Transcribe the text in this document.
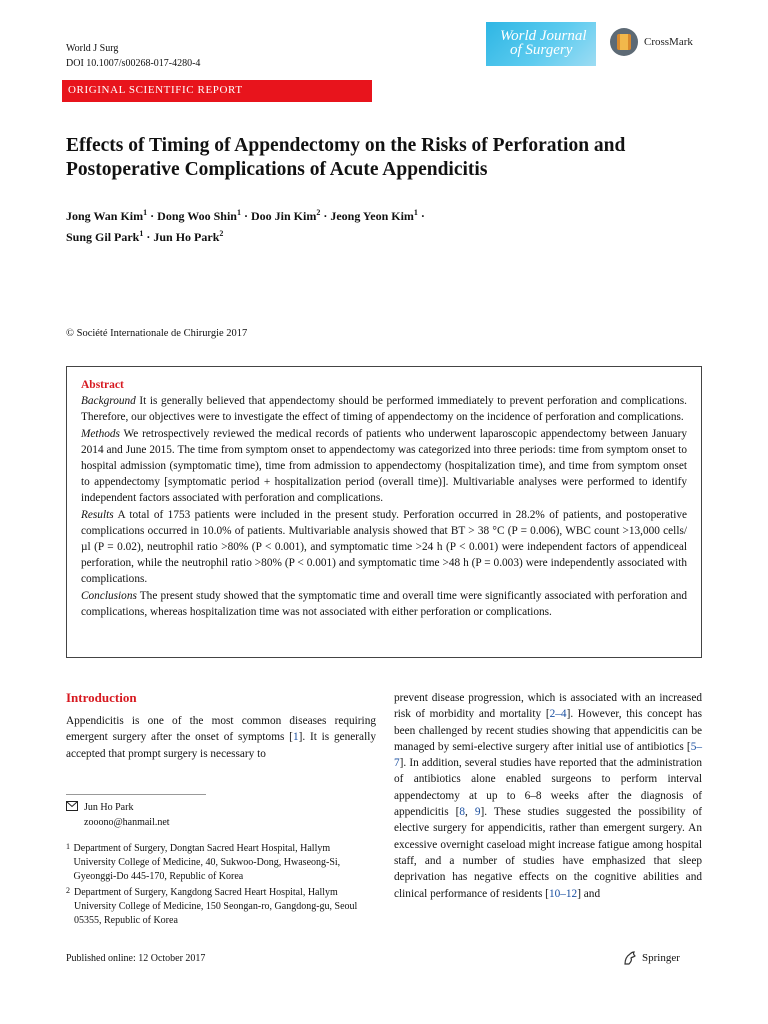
World J Surg
DOI 10.1007/s00268-017-4280-4
ORIGINAL SCIENTIFIC REPORT
World Journal
of Surgery	CrossMark
Effects of Timing of Appendectomy on the Risks of Perforation and Postoperative Complications of Acute Appendicitis
Jong Wan Kim$^1$ · Dong Woo Shin$^1$ · Doo Jin Kim$^2$ · Jeong Yeon Kim$^1$ ·
Sung Gil Park$^1$ · Jun Ho Park$^2$
© Société Internationale de Chirurgie 2017
Abstract

Background It is generally believed that appendectomy should be performed immediately to prevent perforation and complications. Therefore, our objectives were to investigate the effect of timing of appendectomy on the incidence of perforation and complications.

Methods We retrospectively reviewed the medical records of patients who underwent laparoscopic appendectomy between January 2014 and June 2015. The time from symptom onset to appendectomy was categorized into three periods: time from symptom onset to hospital admission (symptomatic time), time from admission to appendectomy (hospitalization time), and time from symptom onset to appendectomy [symptomatic period + hospitalization period (overall time)]. Multivariable analyses were performed to identify independent factors associated with perforation and complications.

Results A total of 1753 patients were included in the present study. Perforation occurred in 28.2% of patients, and postoperative complications occurred in 10.0% of patients. Multivariable analysis showed that BT > 38 °C (P = 0.006), WBC count >13,000 cells/µl (P = 0.02), neutrophil ratio >80% (P < 0.001), and symptomatic time >24 h (P < 0.001) were independent factors of appendiceal perforation, while the neutrophil ratio >80% (P < 0.001) and symptomatic time >48 h (P = 0.003) were independently associated with complications.

Conclusions The present study showed that the symptomatic time and overall time were significantly associated with perforation and complications, whereas hospitalization time was not associated with either perforation or complications.

Introduction

Appendicitis is one of the most common diseases requiring emergent surgery after the onset of symptoms [1]. It is generally accepted that prompt surgery is necessary to

prevent disease progression, which is associated with an increased risk of morbidity and mortality [2–4]. However, this concept has been challenged by recent studies showing that appendicitis can be managed by semi-elective surgery after initial use of antibiotics [5–7]. In addition, several studies have reported that the administration of antibiotics alone enabled surgeons to perform interval appendectomy at up to 6–8 weeks after the diagnosis of appendicitis [8, 9]. These studies suggested the possibility of elective surgery for appendicitis, rather than emergent surgery. An excessive overnight caseload might increase fatigue among hospital staff, and a number of studies have emphasized that sleep deprivation has negative effects on the cognitive abilities and clinical performance of residents [10–12] and

Jun Ho Park
zooono@hanmail.net
1 Department of Surgery, Dongtan Sacred Heart Hospital, Hallym University College of Medicine, 40, Sukwoo-Dong, Hwaseong-Si, Gyeonggi-Do 445-170, Republic of Korea
2 Department of Surgery, Kangdong Sacred Heart Hospital, Hallym University College of Medicine, 150 Seongan-ro, Gangdong-gu, Seoul 05355, Republic of Korea
Published online: 12 October 2017	Springer
